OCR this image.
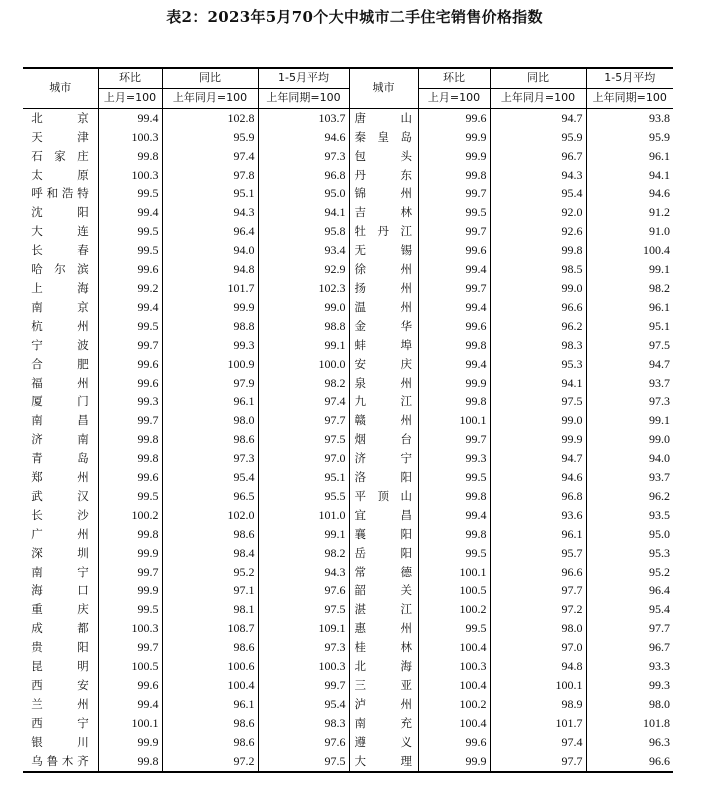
表2：2023年5月70个大中城市二手住宅销售价格指数
城市	环比	同比	1-5月平均	城市	环比	同比	1-5月平均
	上月=100	上年同月=100	上年同期=100		上月=100	上年同月=100	上年同期=100
北京	99.4	102.8	103.7	唐山	99.6	94.7	93.8
天津	100.3	95.9	94.6	秦皇岛	99.9	95.9	95.9
石家庄	99.8	97.4	97.3	包头	99.9	96.7	96.1
太原	100.3	97.8	96.8	丹东	99.8	94.3	94.1
呼和浩特	99.5	95.1	95.0	锦州	99.7	95.4	94.6
沈阳	99.4	94.3	94.1	吉林	99.5	92.0	91.2
大连	99.5	96.4	95.8	牡丹江	99.7	92.6	91.0
长春	99.5	94.0	93.4	无锡	99.6	99.8	100.4
哈尔滨	99.6	94.8	92.9	徐州	99.4	98.5	99.1
上海	99.2	101.7	102.3	扬州	99.7	99.0	98.2
南京	99.4	99.9	99.0	温州	99.4	96.6	96.1
杭州	99.5	98.8	98.8	金华	99.6	96.2	95.1
宁波	99.7	99.3	99.1	蚌埠	99.8	98.3	97.5
合肥	99.6	100.9	100.0	安庆	99.4	95.3	94.7
福州	99.6	97.9	98.2	泉州	99.9	94.1	93.7
厦门	99.3	96.1	97.4	九江	99.8	97.5	97.3
南昌	99.7	98.0	97.7	赣州	100.1	99.0	99.1
济南	99.8	98.6	97.5	烟台	99.7	99.9	99.0
青岛	99.8	97.3	97.0	济宁	99.3	94.7	94.0
郑州	99.6	95.4	95.1	洛阳	99.5	94.6	93.7
武汉	99.5	96.5	95.5	平顶山	99.8	96.8	96.2
长沙	100.2	102.0	101.0	宜昌	99.4	93.6	93.5
广州	99.8	98.6	99.1	襄阳	99.8	96.1	95.0
深圳	99.9	98.4	98.2	岳阳	99.5	95.7	95.3
南宁	99.7	95.2	94.3	常德	100.1	96.6	95.2
海口	99.9	97.1	97.6	韶关	100.5	97.7	96.4
重庆	99.5	98.1	97.5	湛江	100.2	97.2	95.4
成都	100.3	108.7	109.1	惠州	99.5	98.0	97.7
贵阳	99.7	98.6	97.3	桂林	100.4	97.0	96.7
昆明	100.5	100.6	100.3	北海	100.3	94.8	93.3
西安	99.6	100.4	99.7	三亚	100.4	100.1	99.3
兰州	99.4	96.1	95.4	泸州	100.2	98.9	98.0
西宁	100.1	98.6	98.3	南充	100.4	101.7	101.8
银川	99.9	98.6	97.6	遵义	99.6	97.4	96.3
乌鲁木齐	99.8	97.2	97.5	大理	99.9	97.7	96.6
